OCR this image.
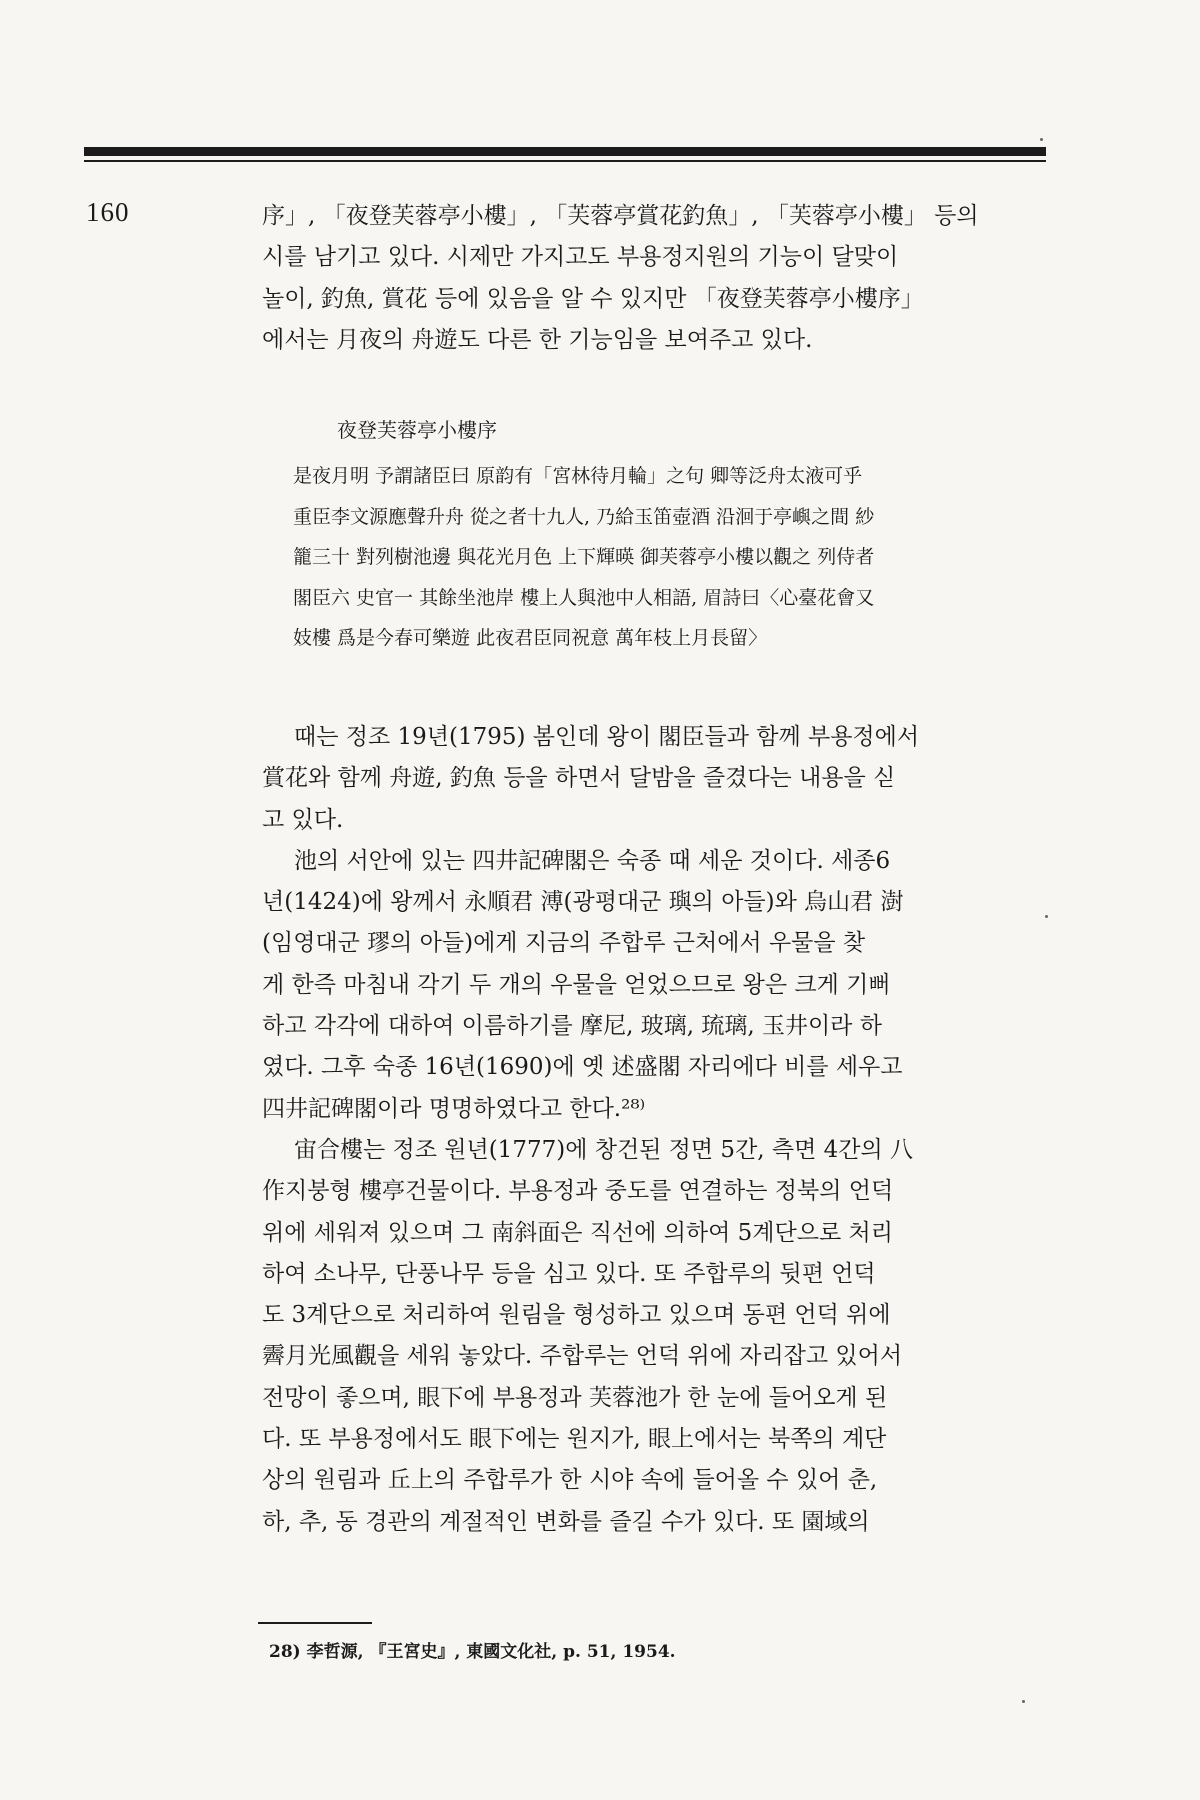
160	序」, 「夜登芙蓉亭小樓」, 「芙蓉亭賞花釣魚」, 「芙蓉亭小樓」 등의
시를 남기고 있다. 시제만 가지고도 부용정지원의 기능이 달맞이
놀이, 釣魚, 賞花 등에 있음을 알 수 있지만 「夜登芙蓉亭小樓序」
에서는 月夜의 舟遊도 다른 한 기능임을 보여주고 있다.
夜登芙蓉亭小樓序
是夜月明 予謂諸臣曰 原韵有「宮林待月輪」之句 卿等泛舟太液可乎
重臣李文源應聲升舟 從之者十九人, 乃給玉笛壺酒 沿洄于亭嶼之間 紗
籠三十 對列樹池邊 與花光月色 上下輝暎 御芙蓉亭小樓以觀之 列侍者
閣臣六 史官一 其餘坐池岸 樓上人與池中人相語, 眉詩曰〈心臺花會又
妓樓 爲是今春可樂遊 此夜君臣同祝意 萬年枝上月長留〉
때는 정조 19년(1795) 봄인데 왕이 閣臣들과 함께 부용정에서
賞花와 함께 舟遊, 釣魚 등을 하면서 달밤을 즐겼다는 내용을 싣
고 있다.
池의 서안에 있는 四井記碑閣은 숙종 때 세운 것이다. 세종6
년(1424)에 왕께서 永順君 溥(광평대군 璵의 아들)와 烏山君 澍
(임영대군 璆의 아들)에게 지금의 주합루 근처에서 우물을 찾
게 한즉 마침내 각기 두 개의 우물을 얻었으므로 왕은 크게 기뻐
하고 각각에 대하여 이름하기를 摩尼, 玻璃, 琉璃, 玉井이라 하
였다. 그후 숙종 16년(1690)에 옛 述盛閣 자리에다 비를 세우고
四井記碑閣이라 명명하였다고 한다.²⁸⁾
宙合樓는 정조 원년(1777)에 창건된 정면 5간, 측면 4간의 八
作지붕형 樓亭건물이다. 부용정과 중도를 연결하는 정북의 언덕
위에 세워져 있으며 그 南斜面은 직선에 의하여 5계단으로 처리
하여 소나무, 단풍나무 등을 심고 있다. 또 주합루의 뒷편 언덕
도 3계단으로 처리하여 원림을 형성하고 있으며 동편 언덕 위에
霽月光風觀을 세워 놓았다. 주합루는 언덕 위에 자리잡고 있어서
전망이 좋으며, 眼下에 부용정과 芙蓉池가 한 눈에 들어오게 된
다. 또 부용정에서도 眼下에는 원지가, 眼上에서는 북쪽의 계단
상의 원림과 丘上의 주합루가 한 시야 속에 들어올 수 있어 춘,
하, 추, 동 경관의 계절적인 변화를 즐길 수가 있다. 또 園域의
28) 李哲源, 『王宮史』, 東國文化社, p. 51, 1954.
